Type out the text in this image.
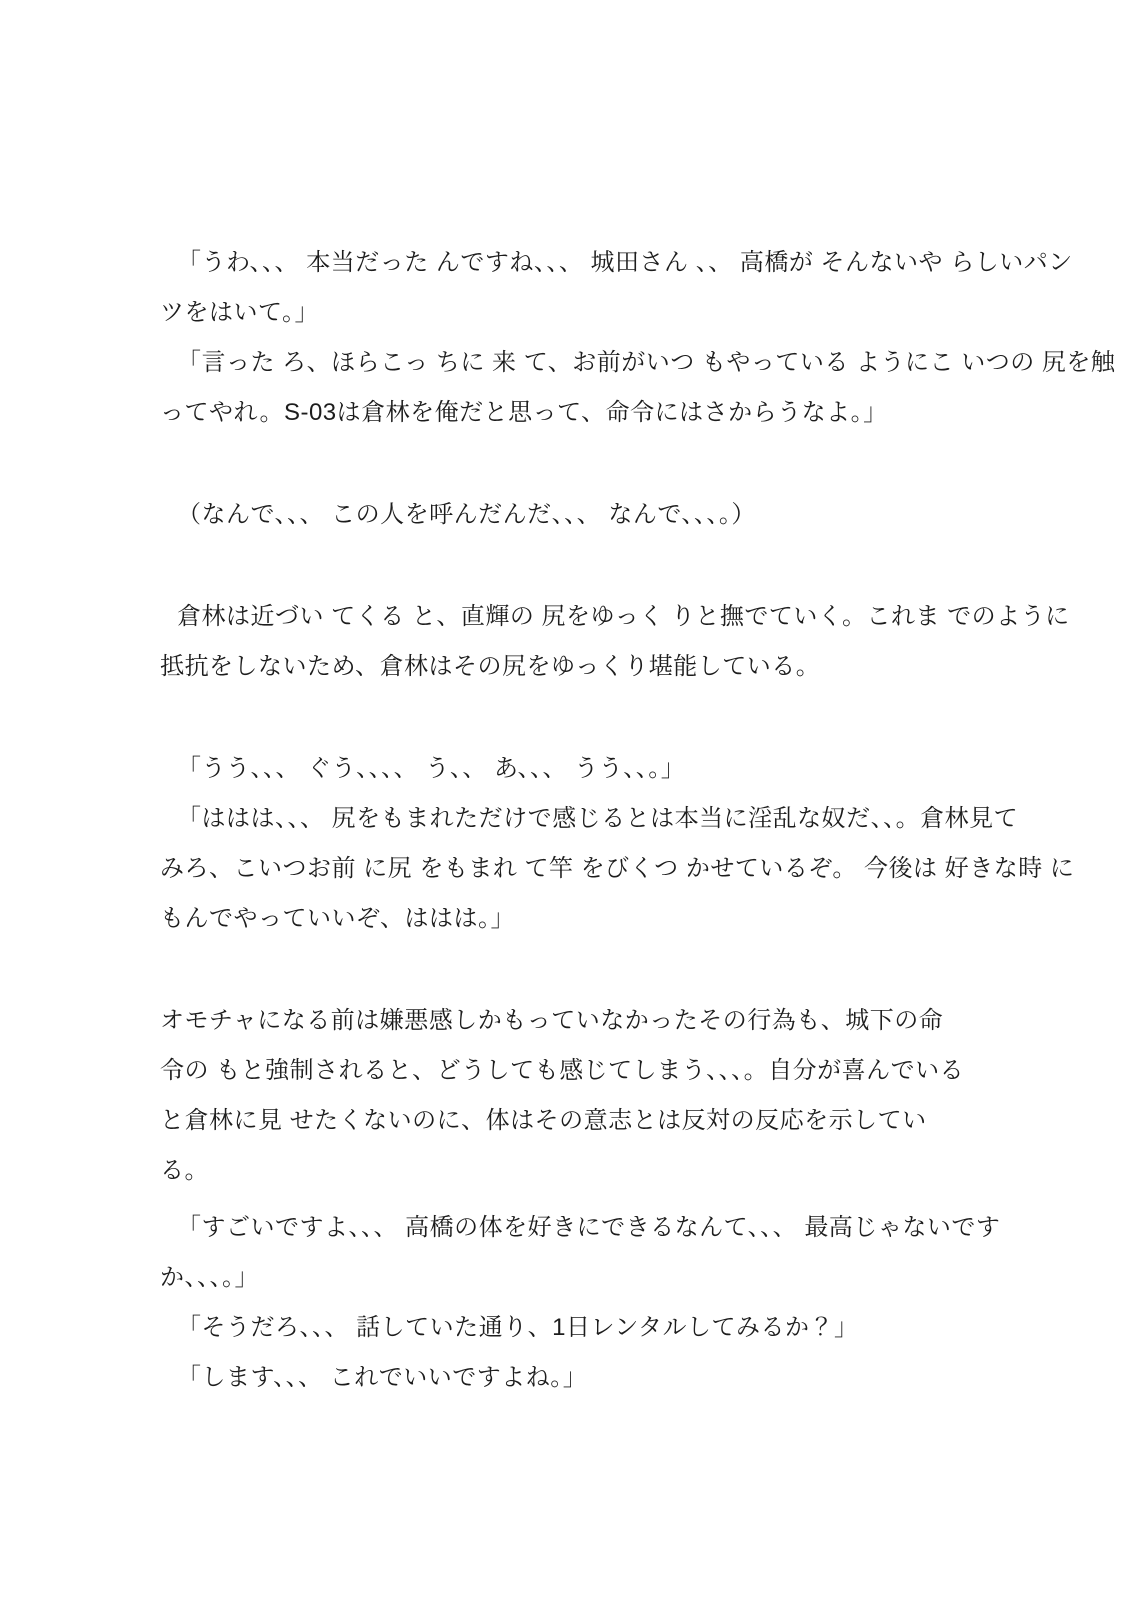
「うわ、、、 本当だった んですね、、、 城田さん 、、 高橋が そんないや らしいパン
ツをはいて。」
「言った ろ、ほらこっ ちに 来 て、お前がいつ もやっている ようにこ いつの 尻を触
ってやれ。S-03は倉林を俺だと思って、命令にはさからうなよ。」
（なんで、、、 この人を呼んだんだ、、、 なんで、、、。）
倉林は近づい てくる と、直輝の 尻をゆっく りと撫でていく。これま でのように
抵抗をしないため、倉林はその尻をゆっくり堪能している。
「うう、、、 ぐう、、、、 う、、 あ、、、 うう、、。」
「ははは、、、 尻をもまれただけで感じるとは本当に淫乱な奴だ、、。倉林見て
みろ、こいつお前 に尻 をもまれ て竿 をびくつ かせているぞ。 今後は 好きな時 に
もんでやっていいぞ、ははは。」
オモチャになる前は嫌悪感しかもっていなかったその行為も、城下の命
令の もと強制されると、どうしても感じてしまう、、、。自分が喜んでいる
と倉林に見 せたくないのに、体はその意志とは反対の反応を示してい
る。
「すごいですよ、、、 高橋の体を好きにできるなんて、、、 最高じゃないです
か、、、。」
「そうだろ、、、 話していた通り、1日レンタルしてみるか？」
「します、、、 これでいいですよね。」
